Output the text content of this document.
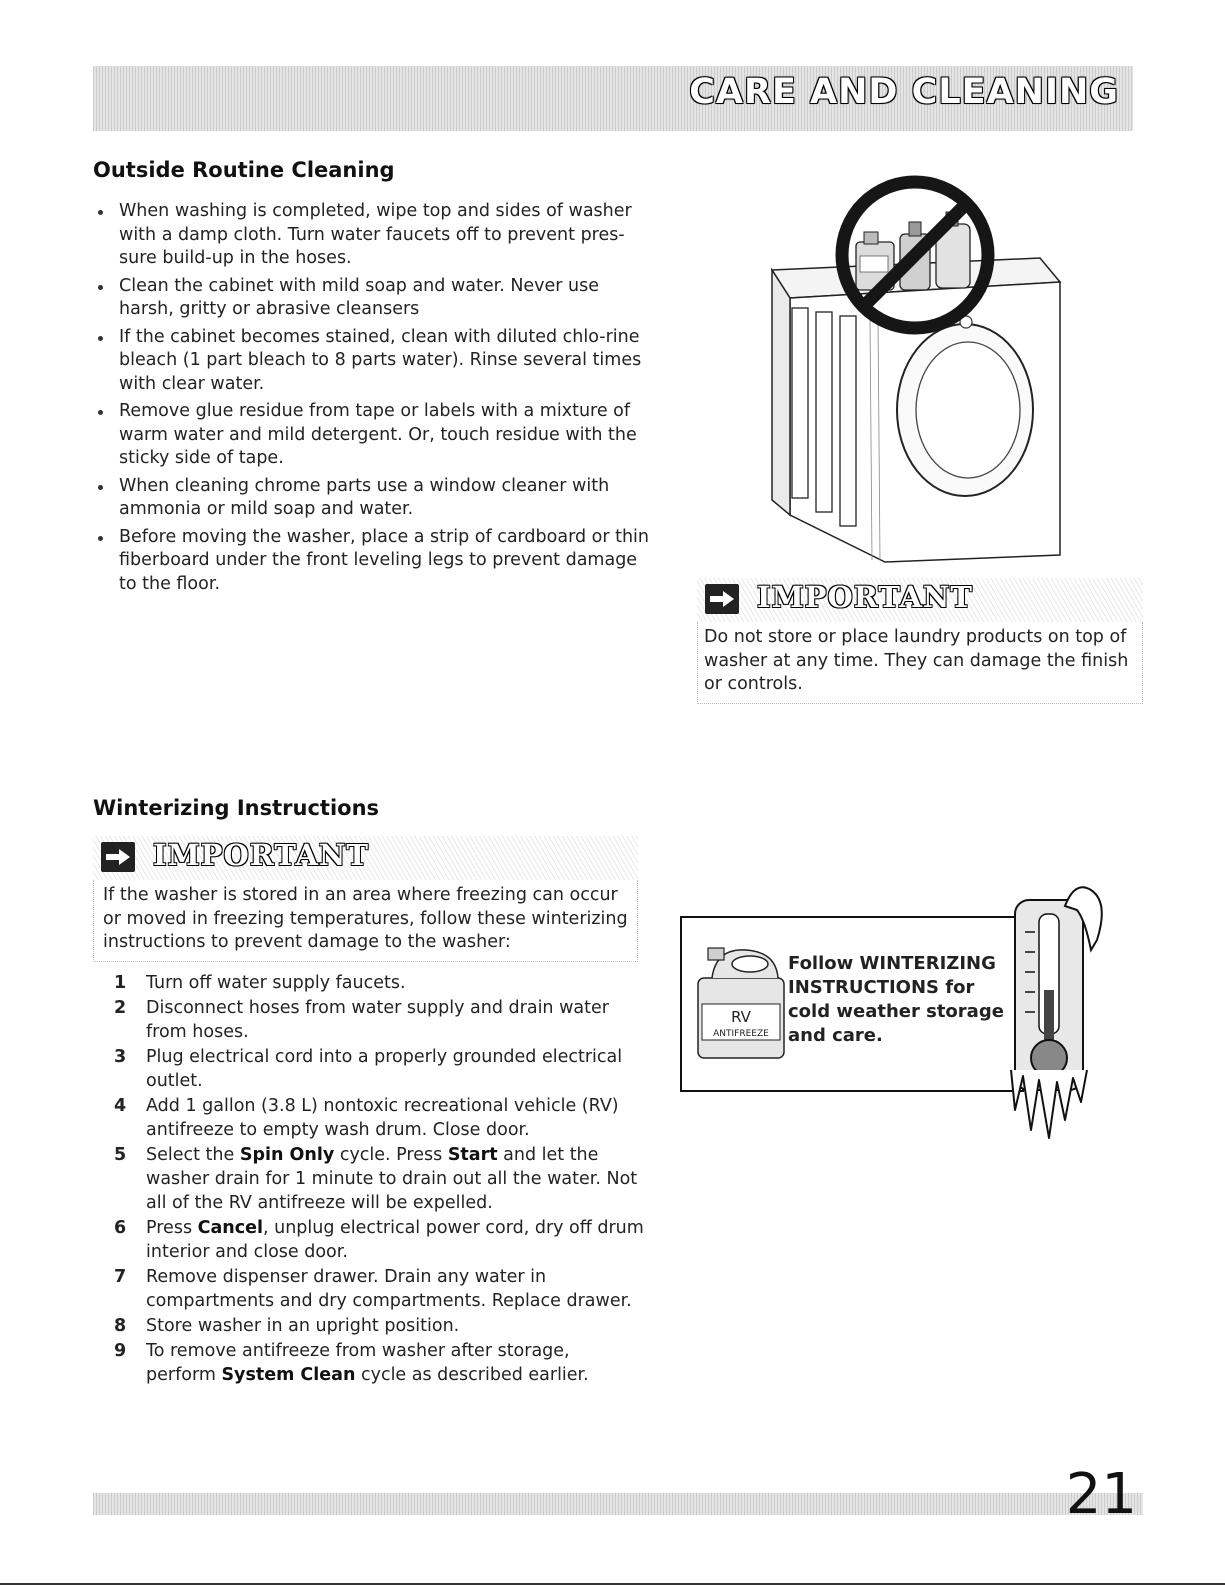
CARE AND CLEANING
Outside Routine Cleaning
When washing is completed, wipe top and sides of washer with a damp cloth. Turn water faucets off to prevent pres-sure build-up in the hoses.
Clean the cabinet with mild soap and water. Never use harsh, gritty or abrasive cleansers
If the cabinet becomes stained, clean with diluted chlo-rine bleach (1 part bleach to 8 parts water). Rinse several times with clear water.
Remove glue residue from tape or labels with a mixture of warm water and mild detergent. Or, touch residue with the sticky side of tape.
When cleaning chrome parts use a window cleaner with ammonia or mild soap and water.
Before moving the washer, place a strip of cardboard or thin fiberboard under the front leveling legs to prevent damage to the floor.	IMPORTANT
Do not store or place laundry products on top of washer at any time. They can damage the finish or controls.
Winterizing Instructions
IMPORTANT
If the washer is stored in an area where freezing can occur or moved in freezing temperatures, follow these winterizing instructions to prevent damage to the washer:
1 Turn off water supply faucets.
2 Disconnect hoses from water supply and drain water from hoses.
3 Plug electrical cord into a properly grounded electrical outlet.
4 Add 1 gallon (3.8 L) nontoxic recreational vehicle (RV) antifreeze to empty wash drum. Close door.
5 Select the Spin Only cycle. Press Start and let the washer drain for 1 minute to drain out all the water. Not all of the RV antifreeze will be expelled.
6 Press Cancel, unplug electrical power cord, dry off drum interior and close door.
7 Remove dispenser drawer. Drain any water in compartments and dry compartments. Replace drawer.
8 Store washer in an upright position.
9 To remove antifreeze from washer after storage, perform System Clean cycle as described earlier.
RV
ANTIFREEZE
Follow WINTERIZING
INSTRUCTIONS for
cold weather storage
and care.
21
